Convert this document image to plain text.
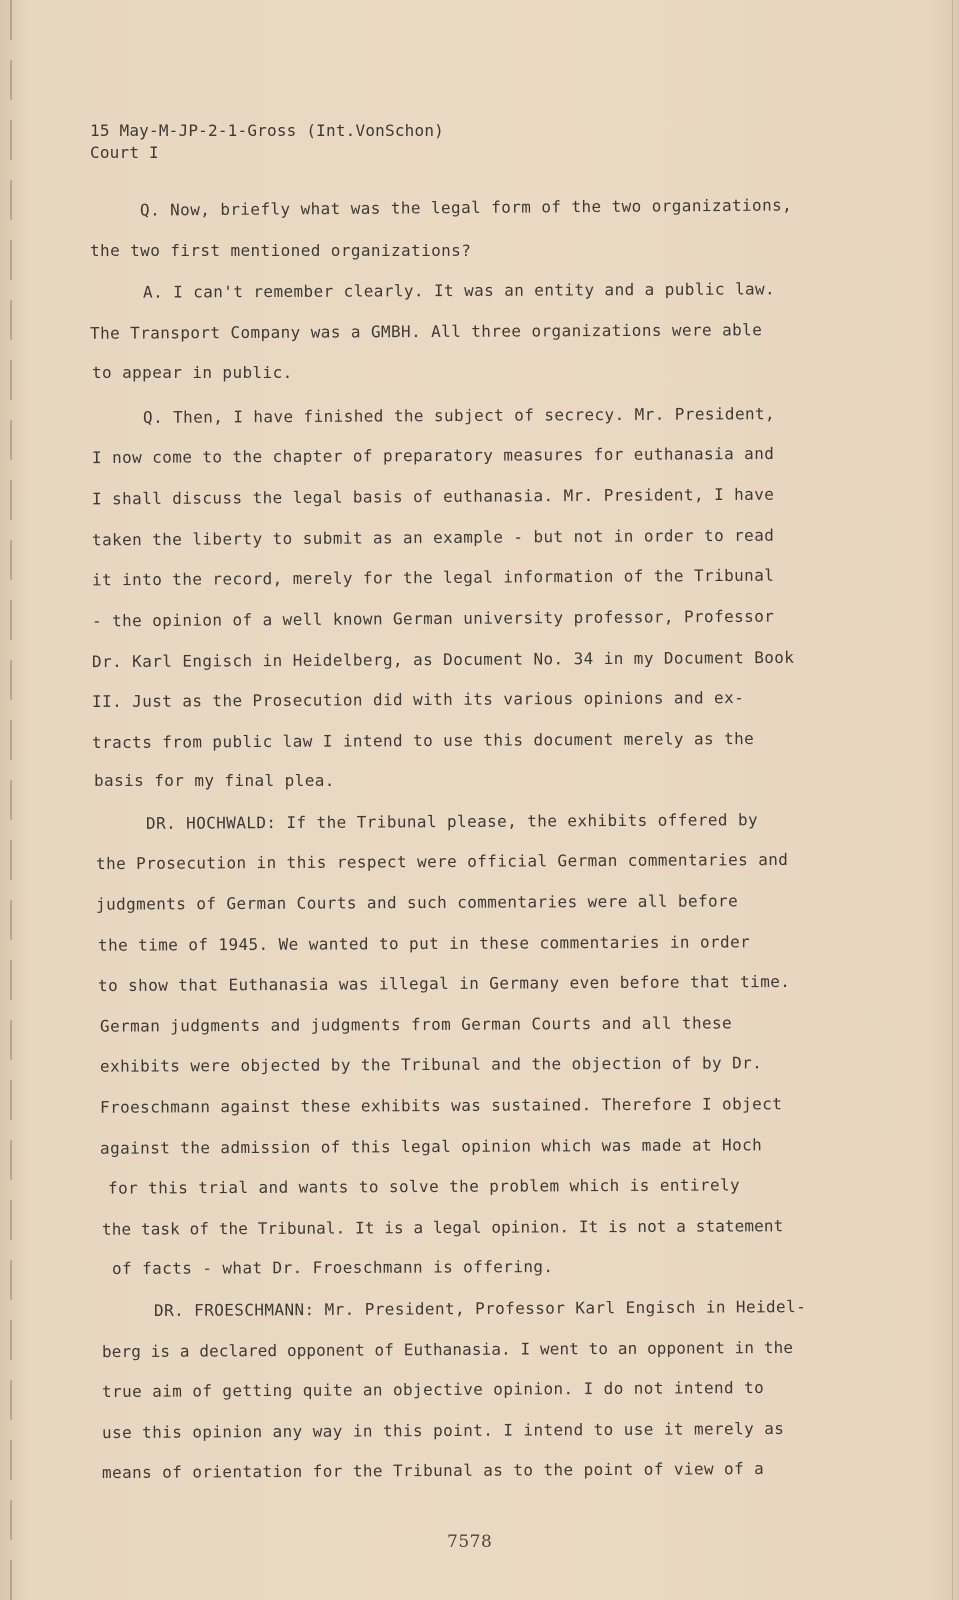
15 May-M-JP-2-1-Gross (Int.VonSchon)
Court I
Q. Now, briefly what was the legal form of the two organizations,
the two first mentioned organizations?
A. I can't remember clearly. It was an entity and a public law.
The Transport Company was a GMBH. All three organizations were able
to appear in public.
Q. Then, I have finished the subject of secrecy. Mr. President,
I now come to the chapter of preparatory measures for euthanasia and
I shall discuss the legal basis of euthanasia. Mr. President, I have
taken the liberty to submit as an example - but not in order to read
it into the record, merely for the legal information of the Tribunal
- the opinion of a well known German university professor, Professor
Dr. Karl Engisch in Heidelberg, as Document No. 34 in my Document Book
II. Just as the Prosecution did with its various opinions and ex-
tracts from public law I intend to use this document merely as the
basis for my final plea.
DR. HOCHWALD: If the Tribunal please, the exhibits offered by
the Prosecution in this respect were official German commentaries and
judgments of German Courts and such commentaries were all before
the time of 1945. We wanted to put in these commentaries in order
to show that Euthanasia was illegal in Germany even before that time.
German judgments and judgments from German Courts and all these
exhibits were objected by the Tribunal and the objection of by Dr.
Froeschmann against these exhibits was sustained. Therefore I object
against the admission of this legal opinion which was made at Hoch
for this trial and wants to solve the problem which is entirely
the task of the Tribunal. It is a legal opinion. It is not a statement
of facts - what Dr. Froeschmann is offering.
DR. FROESCHMANN: Mr. President, Professor Karl Engisch in Heidel-
berg is a declared opponent of Euthanasia. I went to an opponent in the
true aim of getting quite an objective opinion. I do not intend to
use this opinion any way in this point. I intend to use it merely as
means of orientation for the Tribunal as to the point of view of a
7578
